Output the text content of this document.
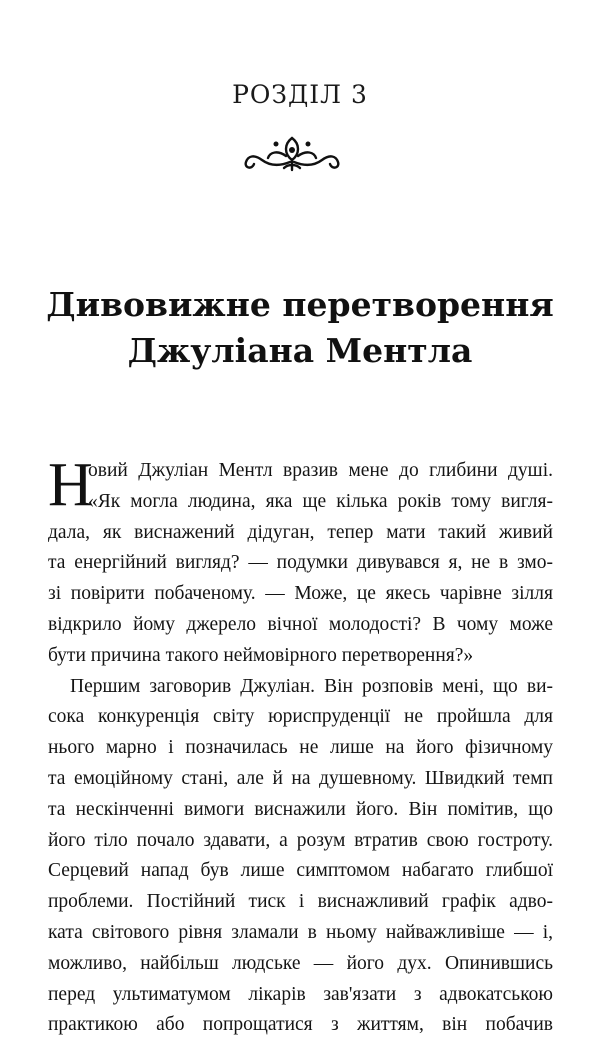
РОЗДІЛ 3
Дивовижне перетворення
Джуліана Ментла
Н
овий Джуліан Ментл вразив мене до глибини душі.
«Як могла людина, яка ще кілька років тому вигля-
дала, як виснажений дідуган, тепер мати такий живий
та енергійний вигляд? — подумки дивувався я, не в змо-
зі повірити побаченому. — Може, це якесь чарівне зілля
відкрило йому джерело вічної молодості? В чому може
бути причина такого неймовірного перетворення?»
Першим заговорив Джуліан. Він розповів мені, що ви-
сока конкуренція світу юриспруденції не пройшла для
нього марно і позначилась не лише на його фізичному
та емоційному стані, але й на душевному. Швидкий темп
та нескінченні вимоги виснажили його. Він помітив, що
його тіло почало здавати, а розум втратив свою гостроту.
Серцевий напад був лише симптомом набагато глибшої
проблеми. Постійний тиск і виснажливий графік адво-
ката світового рівня зламали в ньому найважливіше — і,
можливо, найбільш людське — його дух. Опинившись
перед ультиматумом лікарів зав'язати з адвокатською
практикою або попрощатися з життям, він побачив
